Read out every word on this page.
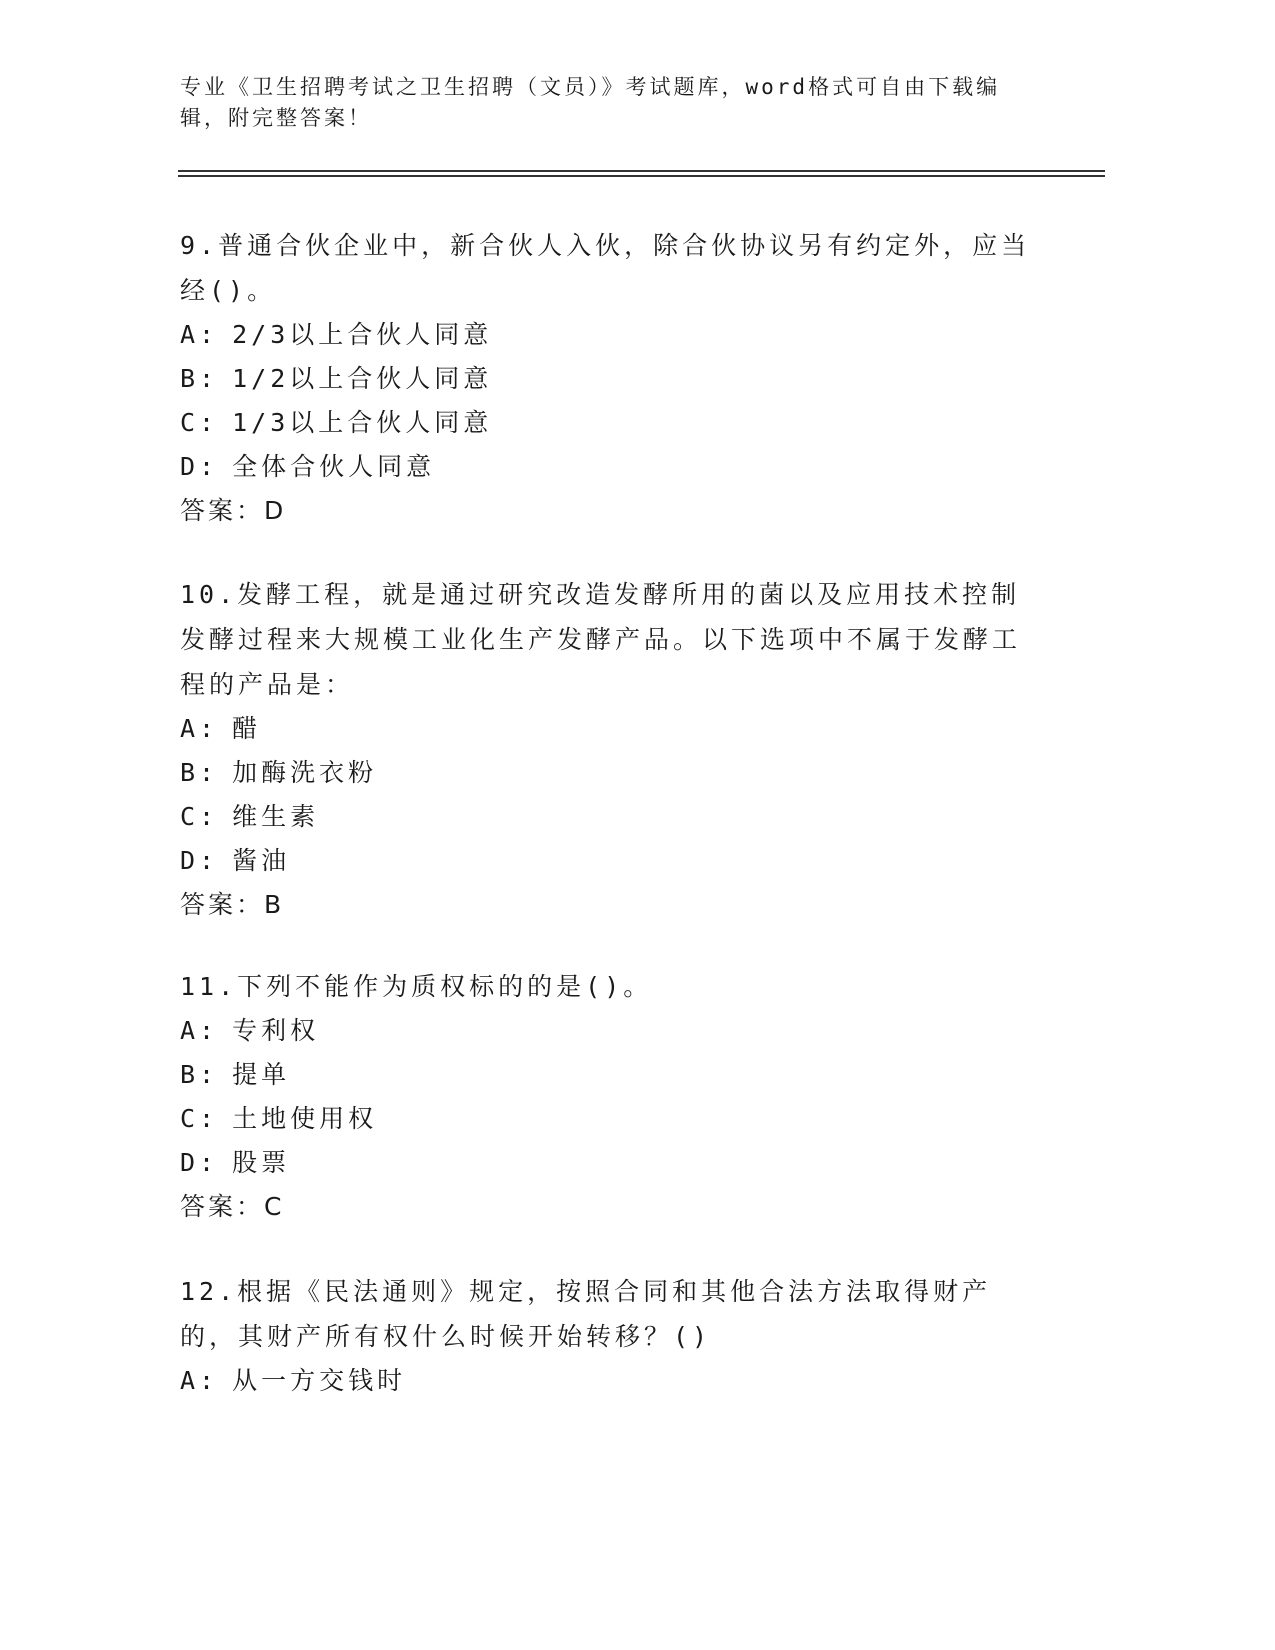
专业《卫生招聘考试之卫生招聘（文员）》考试题库，word格式可自由下载编辑，附完整答案！

9.普通合伙企业中，新合伙人入伙，除合伙协议另有约定外，应当经()。

A: 2/3以上合伙人同意

B: 1/2以上合伙人同意

C: 1/3以上合伙人同意

D: 全体合伙人同意

答案：D

10.发酵工程，就是通过研究改造发酵所用的菌以及应用技术控制发酵过程来大规模工业化生产发酵产品。以下选项中不属于发酵工程的产品是：

A: 醋

B: 加酶洗衣粉

C: 维生素

D: 酱油

答案：B

11.下列不能作为质权标的的是()。

A: 专利权

B: 提单

C: 土地使用权

D: 股票

答案：C

12.根据《民法通则》规定，按照合同和其他合法方法取得财产的，其财产所有权什么时候开始转移？()

A: 从一方交钱时
